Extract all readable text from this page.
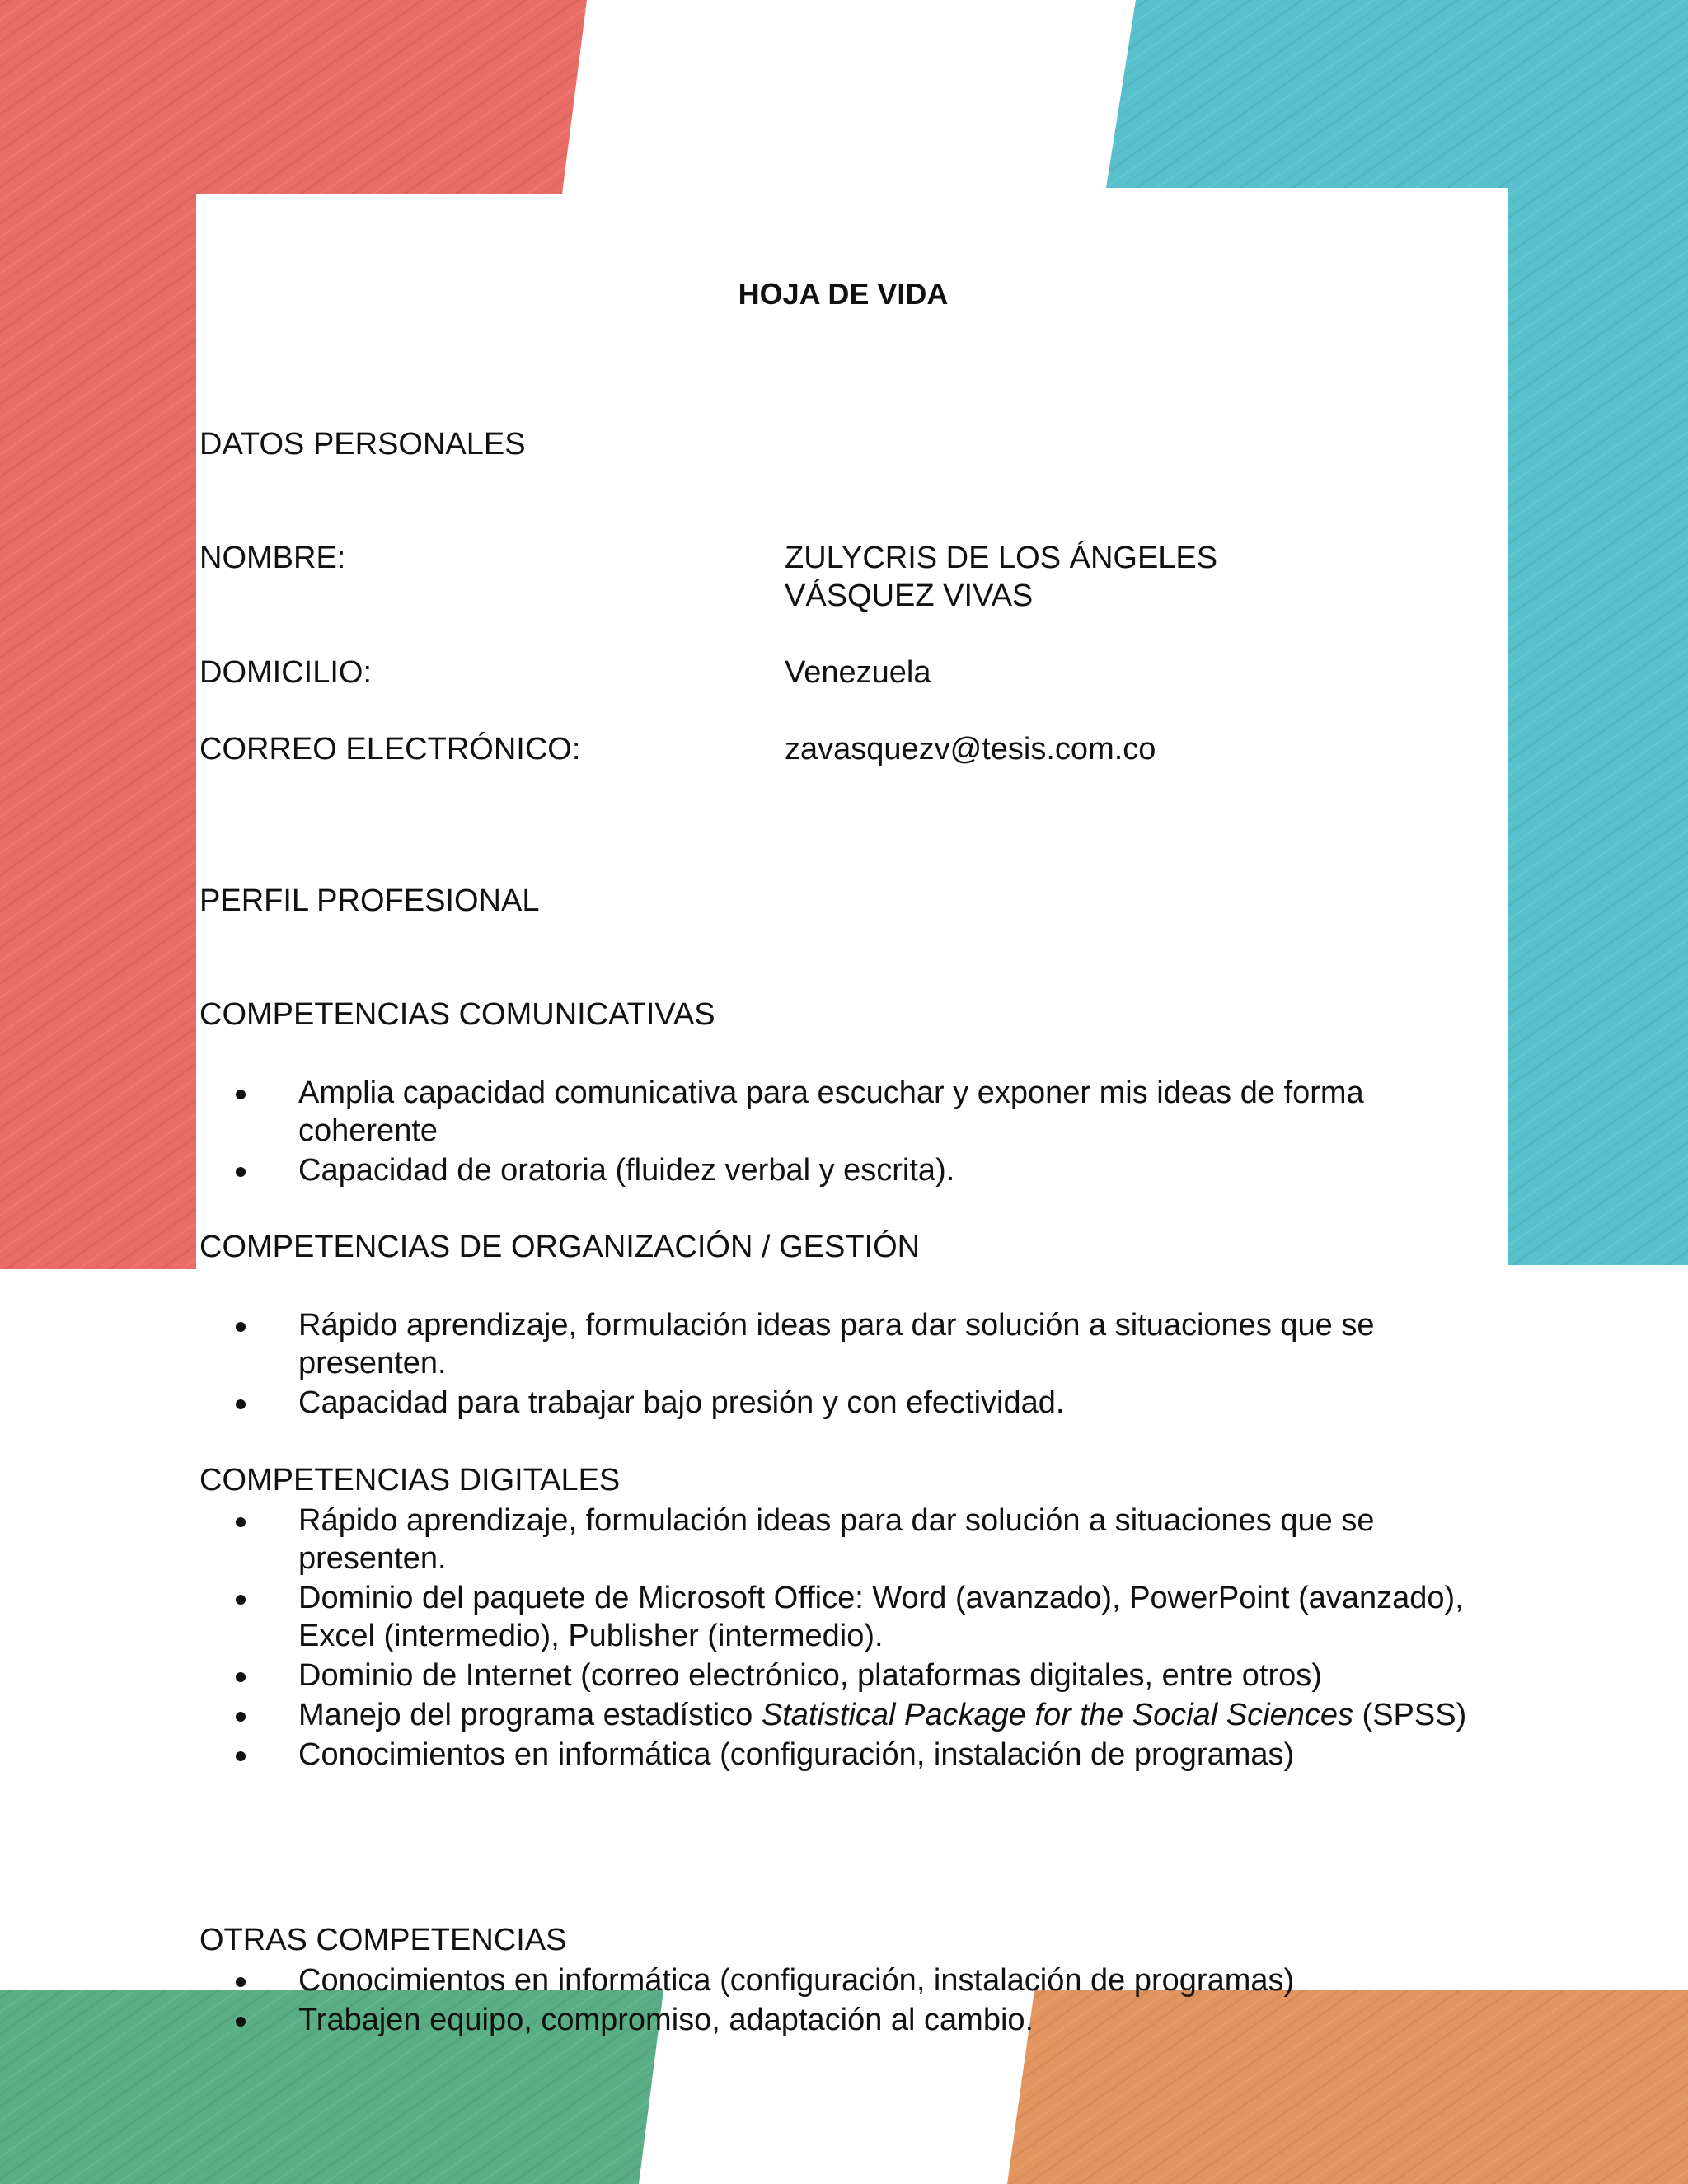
HOJA DE VIDA
DATOS PERSONALES
NOMBRE:	ZULYCRIS DE LOS ÁNGELES
VÁSQUEZ VIVAS
DOMICILIO:	Venezuela
CORREO ELECTRÓNICO:	zavasquezv@tesis.com.co
PERFIL PROFESIONAL
COMPETENCIAS COMUNICATIVAS
Amplia capacidad comunicativa para escuchar y exponer mis ideas de forma coherente
Capacidad de oratoria (fluidez verbal y escrita).
COMPETENCIAS DE ORGANIZACIÓN / GESTIÓN
Rápido aprendizaje, formulación ideas para dar solución a situaciones que se presenten.
Capacidad para trabajar bajo presión y con efectividad.
COMPETENCIAS DIGITALES
Rápido aprendizaje, formulación ideas para dar solución a situaciones que se presenten.
Dominio del paquete de Microsoft Office: Word (avanzado), PowerPoint (avanzado), Excel (intermedio), Publisher (intermedio).
Dominio de Internet (correo electrónico, plataformas digitales, entre otros)
Manejo del programa estadístico Statistical Package for the Social Sciences (SPSS)
Conocimientos en informática (configuración, instalación de programas)
OTRAS COMPETENCIAS
Conocimientos en informática (configuración, instalación de programas)
Trabajen equipo, compromiso, adaptación al cambio.
